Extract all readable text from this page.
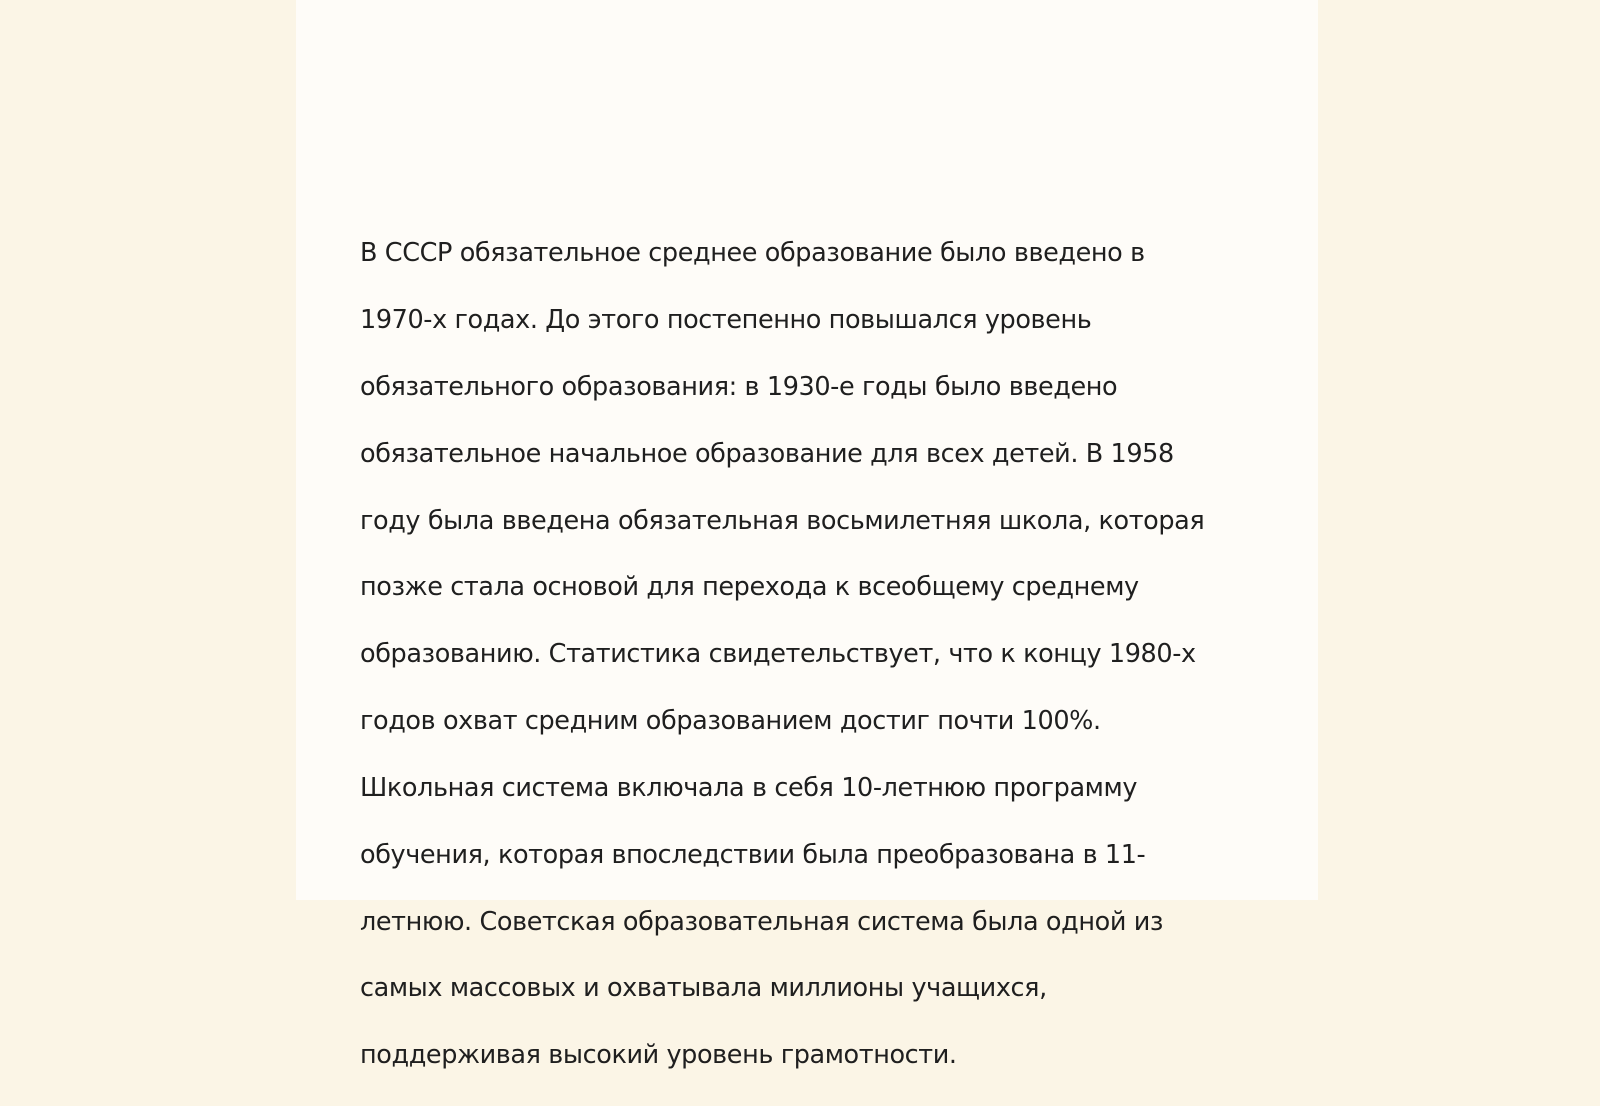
В СССР обязательное среднее образование было введено в

1970-х годах. До этого постепенно повышался уровень

обязательного образования: в 1930-е годы было введено

обязательное начальное образование для всех детей. В 1958

году была введена обязательная восьмилетняя школа, которая

позже стала основой для перехода к всеобщему среднему

образованию. Статистика свидетельствует, что к концу 1980-х

годов охват средним образованием достиг почти 100%.

Школьная система включала в себя 10-летнюю программу

обучения, которая впоследствии была преобразована в 11-

летнюю. Советская образовательная система была одной из

самых массовых и охватывала миллионы учащихся,

поддерживая высокий уровень грамотности.
